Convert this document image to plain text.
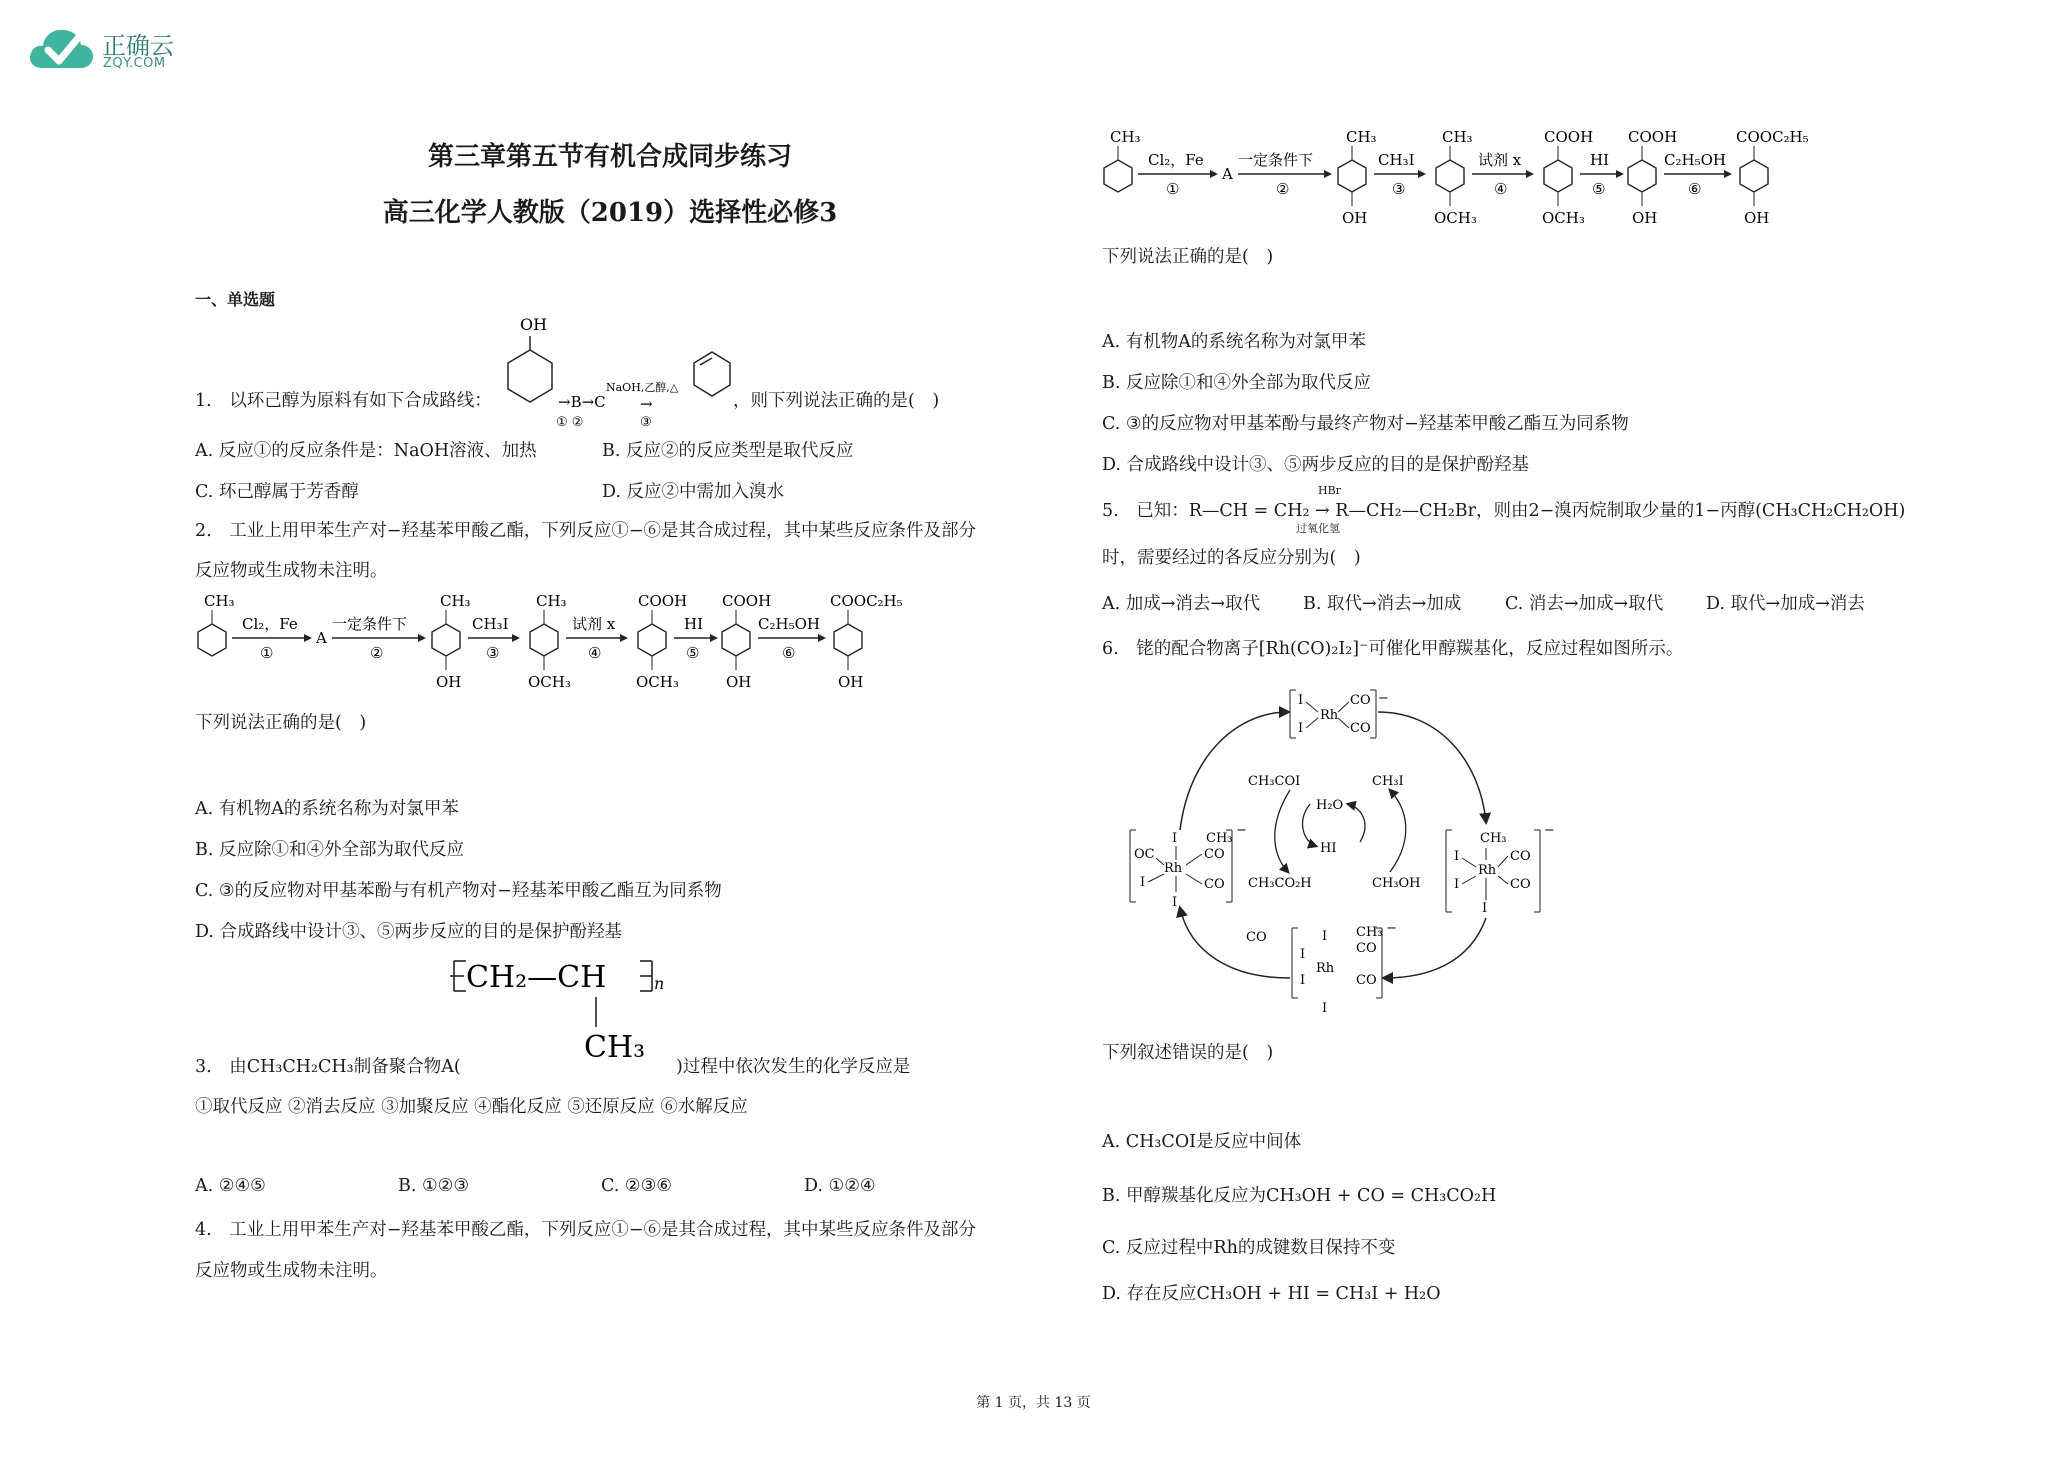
正确云
ZQY.COM
第三章第五节有机合成同步练习
高三化学人教版（2019）选择性必修3
一、单选题
1.　以环己醇为原料有如下合成路线：
OH
→B→C
① ②
NaOH,乙醇,△
→
③
，则下列说法正确的是(　)
A. 反应①的反应条件是：NaOH溶液、加热	B. 反应②的反应类型是取代反应
C. 环己醇属于芳香醇	D. 反应②中需加入溴水
2.　工业上用甲苯生产对−羟基苯甲酸乙酯，下列反应①−⑥是其合成过程，其中某些反应条件及部分
反应物或生成物未注明。
CH₃
Cl₂，Fe
①
A
一定条件下
②
CH₃
OH
CH₃I
③
CH₃
OCH₃
试剂 x
④
COOH
OCH₃
HI
⑤
COOH
OH
C₂H₅OH
⑥
COOC₂H₅
OH
下列说法正确的是(　)
A. 有机物A的系统名称为对氯甲苯
B. 反应除①和④外全部为取代反应
C. ③的反应物对甲基苯酚与有机产物对−羟基苯甲酸乙酯互为同系物
D. 合成路线中设计③、⑤两步反应的目的是保护酚羟基
CH₂—CH	n
CH₃
3.　由CH₃CH₂CH₃制备聚合物A(	)过程中依次发生的化学反应是
①取代反应 ②消去反应 ③加聚反应 ④酯化反应 ⑤还原反应 ⑥水解反应
A. ②④⑤	B. ①②③	C. ②③⑥	D. ①②④
4.　工业上用甲苯生产对−羟基苯甲酸乙酯，下列反应①−⑥是其合成过程，其中某些反应条件及部分
反应物或生成物未注明。
CH₃
Cl₂，Fe
①
A
一定条件下
②
CH₃
OH
CH₃I
③
CH₃
OCH₃
试剂 x
④
COOH
OCH₃
HI
⑤
COOH
OH
C₂H₅OH
⑥
COOC₂H₅
OH
下列说法正确的是(　)
A. 有机物A的系统名称为对氯甲苯
B. 反应除①和④外全部为取代反应
C. ③的反应物对甲基苯酚与最终产物对−羟基苯甲酸乙酯互为同系物
D. 合成路线中设计③、⑤两步反应的目的是保护酚羟基
HBr
5.　已知：R—CH = CH₂ → R—CH₂—CH₂Br，则由2−溴丙烷制取少量的1−丙醇(CH₃CH₂CH₂OH)
过氧化氢
时，需要经过的各反应分别为(　)
A. 加成→消去→取代 B. 取代→消去→加成 C. 消去→加成→取代 D. 取代→加成→消去
6.　铑的配合物离子[Rh(CO)₂I₂]⁻可催化甲醇羰基化，反应过程如图所示。
I
I
Rh
CO
CO
−
I
I
OC
I
Rh
CH₃
CO
CO
−
CH₃
I
I
Rh
CO
CO
I
−
I CH₃
CO
CO
I
I
Rh
I
−
CH₃COI	CH₃I
H₂O
HI
CH₃CO₂H	CH₃OH
CO
下列叙述错误的是(　)
A. CH₃COI是反应中间体
B. 甲醇羰基化反应为CH₃OH + CO = CH₃CO₂H
C. 反应过程中Rh的成键数目保持不变
D. 存在反应CH₃OH + HI = CH₃I + H₂O
第 1 页，共 13 页
